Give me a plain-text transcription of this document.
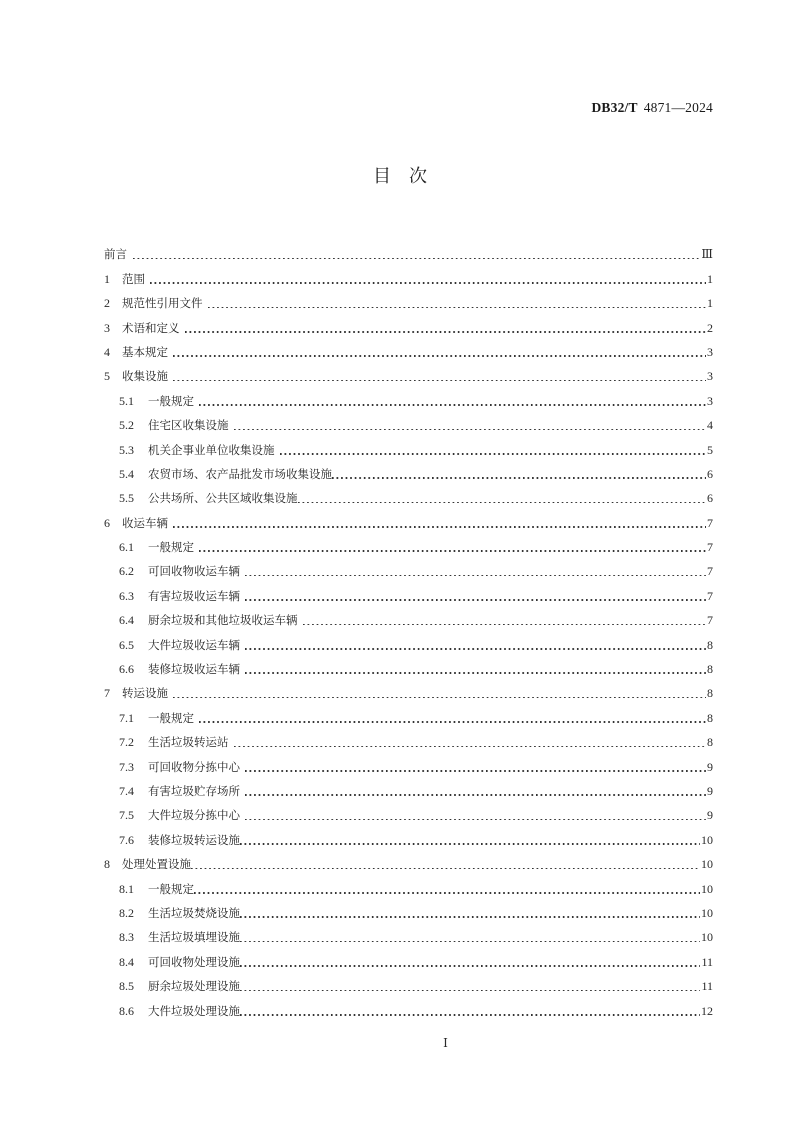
DB32/T 4871—2024
目次
前言	Ⅲ
1	范围	1
2	规范性引用文件	1
3	术语和定义	2
4	基本规定	3
5	收集设施	3
5.1	一般规定	3
5.2	住宅区收集设施	4
5.3	机关企事业单位收集设施	5
5.4	农贸市场、农产品批发市场收集设施	6
5.5	公共场所、公共区域收集设施	6
6	收运车辆	7
6.1	一般规定	7
6.2	可回收物收运车辆	7
6.3	有害垃圾收运车辆	7
6.4	厨余垃圾和其他垃圾收运车辆	7
6.5	大件垃圾收运车辆	8
6.6	装修垃圾收运车辆	8
7	转运设施	8
7.1	一般规定	8
7.2	生活垃圾转运站	8
7.3	可回收物分拣中心	9
7.4	有害垃圾贮存场所	9
7.5	大件垃圾分拣中心	9
7.6	装修垃圾转运设施	10
8	处理处置设施	10
8.1	一般规定	10
8.2	生活垃圾焚烧设施	10
8.3	生活垃圾填埋设施	10
8.4	可回收物处理设施	11
8.5	厨余垃圾处理设施	11
8.6	大件垃圾处理设施	12
Ⅰ
